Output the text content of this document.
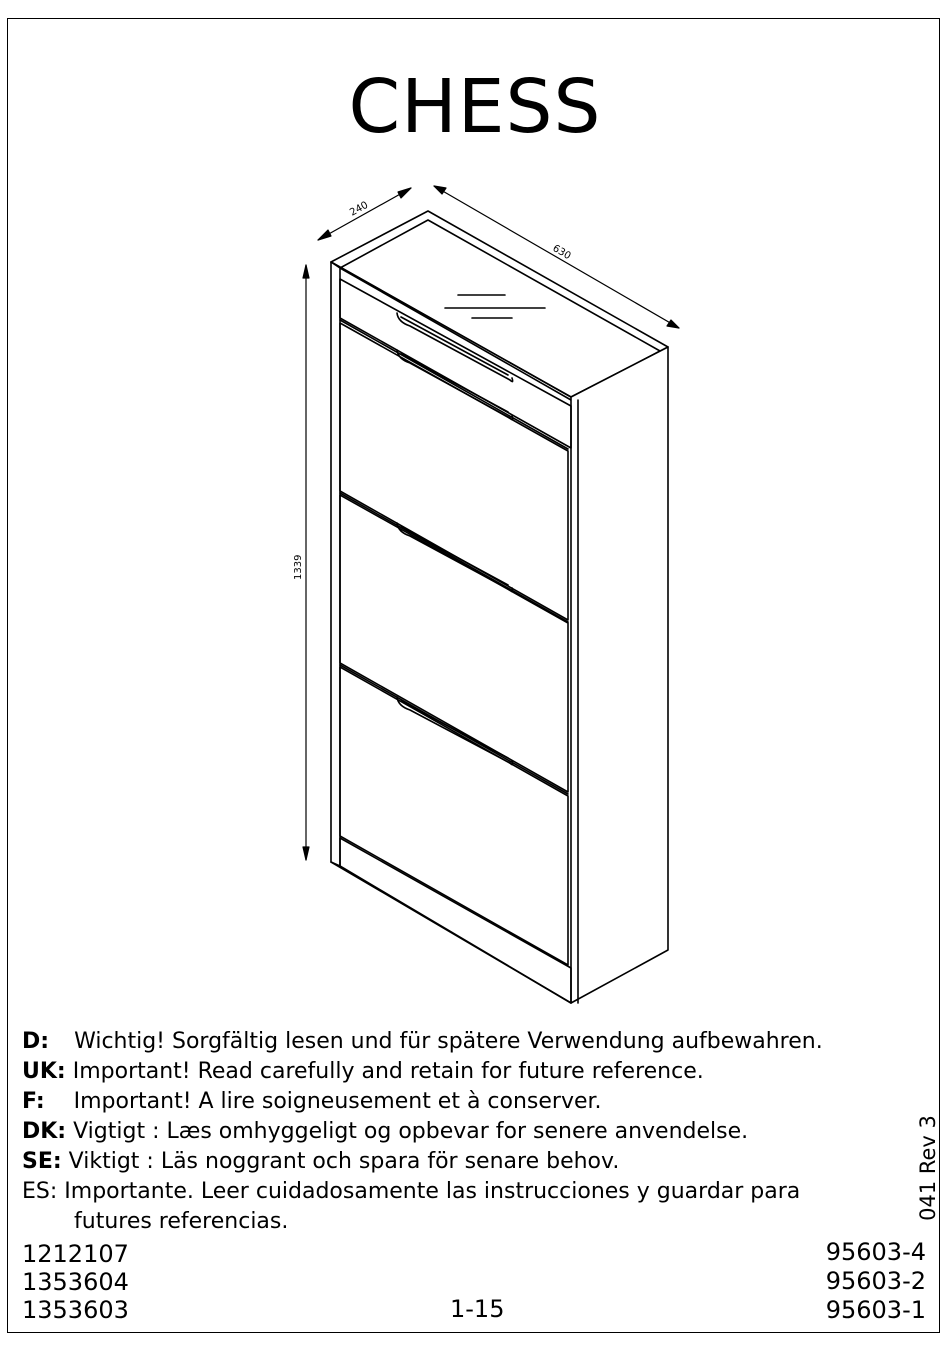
CHESS
240
630
1339
D: Wichtig! Sorgfältig lesen und für spätere Verwendung aufbewahren.
UK: Important! Read carefully and retain for future reference.
F: Important! A lire soigneusement et à conserver.
DK: Vigtigt : Læs omhyggeligt og opbevar for senere anvendelse.
SE: Viktigt : Läs noggrant och spara för senare behov.
ES: Importante. Leer cuidadosamente las instrucciones y guardar para
futures referencias.
1212107
1353604
1353603	1-15
95603-4
95603-2
95603-1
041 Rev 3
